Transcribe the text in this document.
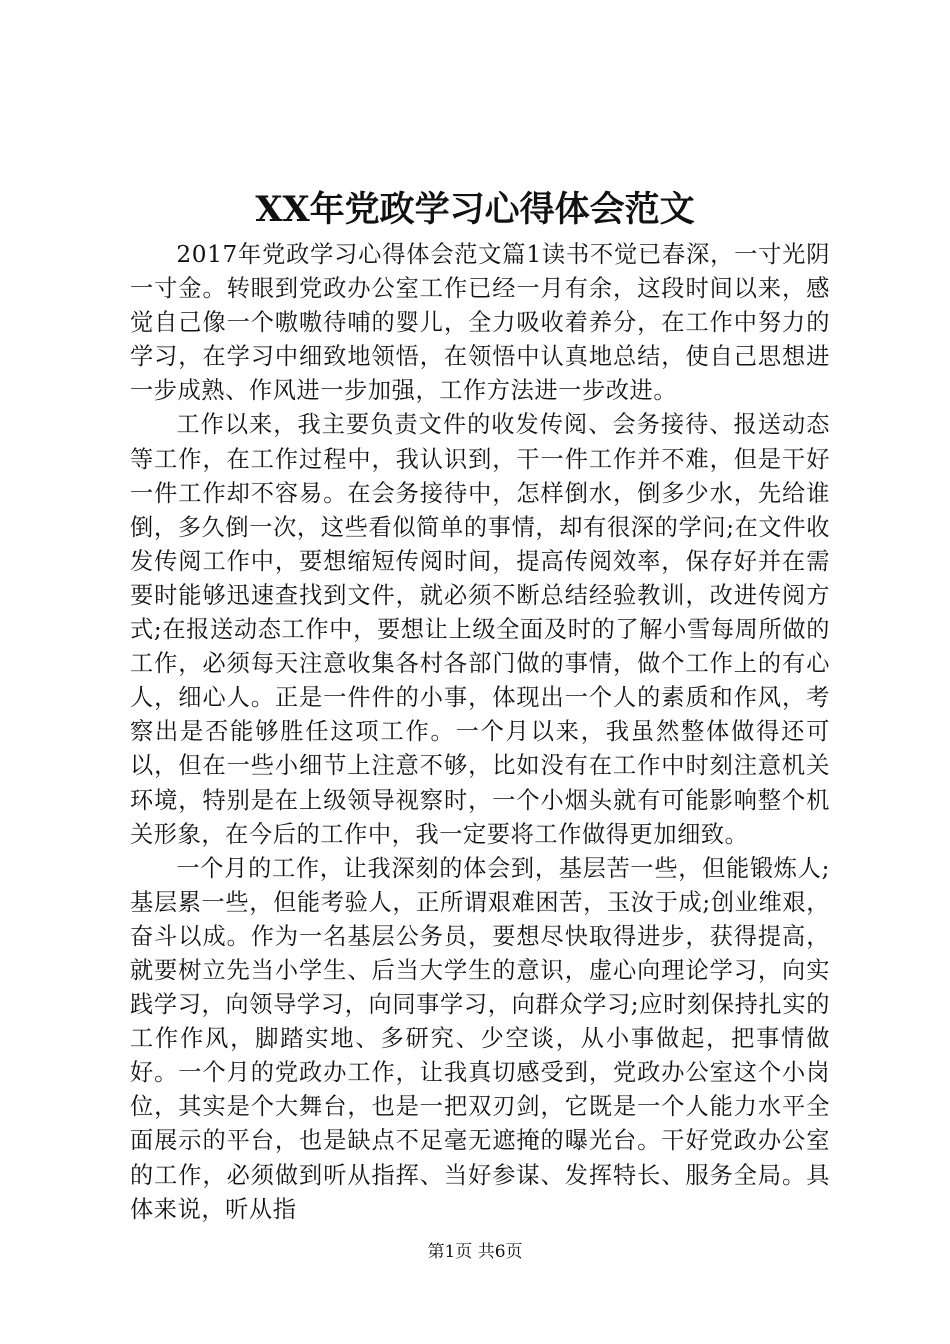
XX年党政学习心得体会范文

2017年党政学习心得体会范文篇1读书不觉已春深，一寸光阴一寸金。转眼到党政办公室工作已经一月有余，这段时间以来，感觉自己像一个嗷嗷待哺的婴儿，全力吸收着养分，在工作中努力的学习，在学习中细致地领悟，在领悟中认真地总结，使自己思想进一步成熟、作风进一步加强，工作方法进一步改进。

工作以来，我主要负责文件的收发传阅、会务接待、报送动态等工作，在工作过程中，我认识到，干一件工作并不难，但是干好一件工作却不容易。在会务接待中，怎样倒水，倒多少水，先给谁倒，多久倒一次，这些看似简单的事情，却有很深的学问;在文件收发传阅工作中，要想缩短传阅时间，提高传阅效率，保存好并在需要时能够迅速查找到文件，就必须不断总结经验教训，改进传阅方式;在报送动态工作中，要想让上级全面及时的了解小雪每周所做的工作，必须每天注意收集各村各部门做的事情，做个工作上的有心人，细心人。正是一件件的小事，体现出一个人的素质和作风，考察出是否能够胜任这项工作。一个月以来，我虽然整体做得还可以，但在一些小细节上注意不够，比如没有在工作中时刻注意机关环境，特别是在上级领导视察时，一个小烟头就有可能影响整个机关形象，在今后的工作中，我一定要将工作做得更加细致。

一个月的工作，让我深刻的体会到，基层苦一些，但能锻炼人;基层累一些，但能考验人，正所谓艰难困苦，玉汝于成;创业维艰，奋斗以成。作为一名基层公务员，要想尽快取得进步，获得提高，就要树立先当小学生、后当大学生的意识，虚心向理论学习，向实践学习，向领导学习，向同事学习，向群众学习;应时刻保持扎实的工作作风，脚踏实地、多研究、少空谈，从小事做起，把事情做好。一个月的党政办工作，让我真切感受到，党政办公室这个小岗位，其实是个大舞台，也是一把双刃剑，它既是一个人能力水平全面展示的平台，也是缺点不足毫无遮掩的曝光台。干好党政办公室的工作，必须做到听从指挥、当好参谋、发挥特长、服务全局。具体来说，听从指

第1页 共6页
